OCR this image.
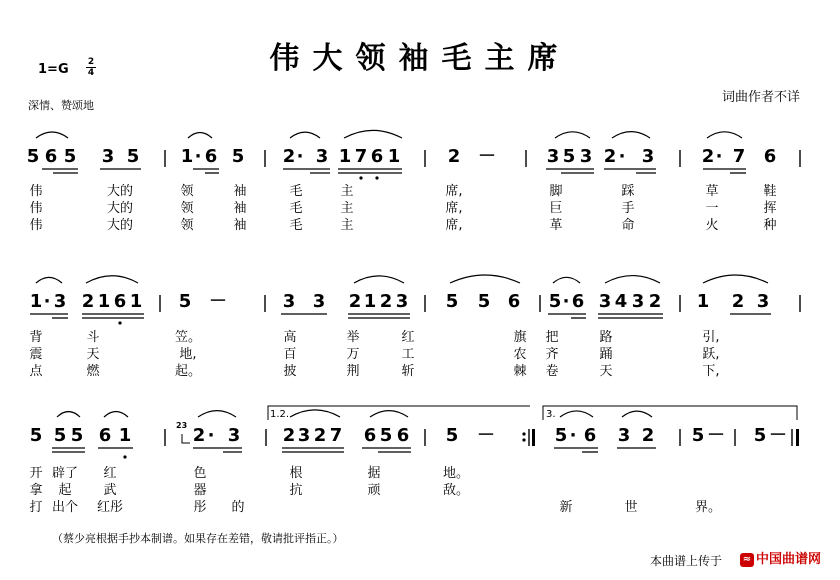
伟大领袖毛主席
1=G 2
4
深情、赞颂地
词曲作者不详
5 6 5 3 5 1 · 6 5 2 · 3 1 7 6 1	2 －	3 5 3 2 · 3	2 · 7 6
1 · 3 2 1 6 1 5 －	3 3 2 1 2 3 5 5 6 5 · 6 3 4 3 2 1 2 3
5 5 5 6 1	2 · 3 2 3 2 7 6 5 6 5 －	5 · 6 3 2 5 － 5 －
伟
伟
伟
大的
大的
大的
领
领
领
袖
袖
袖
毛
毛
毛
主
主
主
席,
席,
席,
脚
巨
革
踩
手
命
草
一
火
鞋
挥
种
背
震
点
斗
天
燃
笠。
地,
起。
高
百
披
举
万
荆
红
工
斩
旗
农
棘
把
齐
卷
路
踊
天
引,
跃,
下,
开
拿
打
辟了
起
出个
红
武
红彤
色
器
彤 的
根
抗
据
顽
地。
敌。
新	世	界。
1.2.	3.
23
（蔡少亮根据手抄本制谱。如果存在差错，敬请批评指正。）
本曲谱上传于 ≈ 中国曲谱网
